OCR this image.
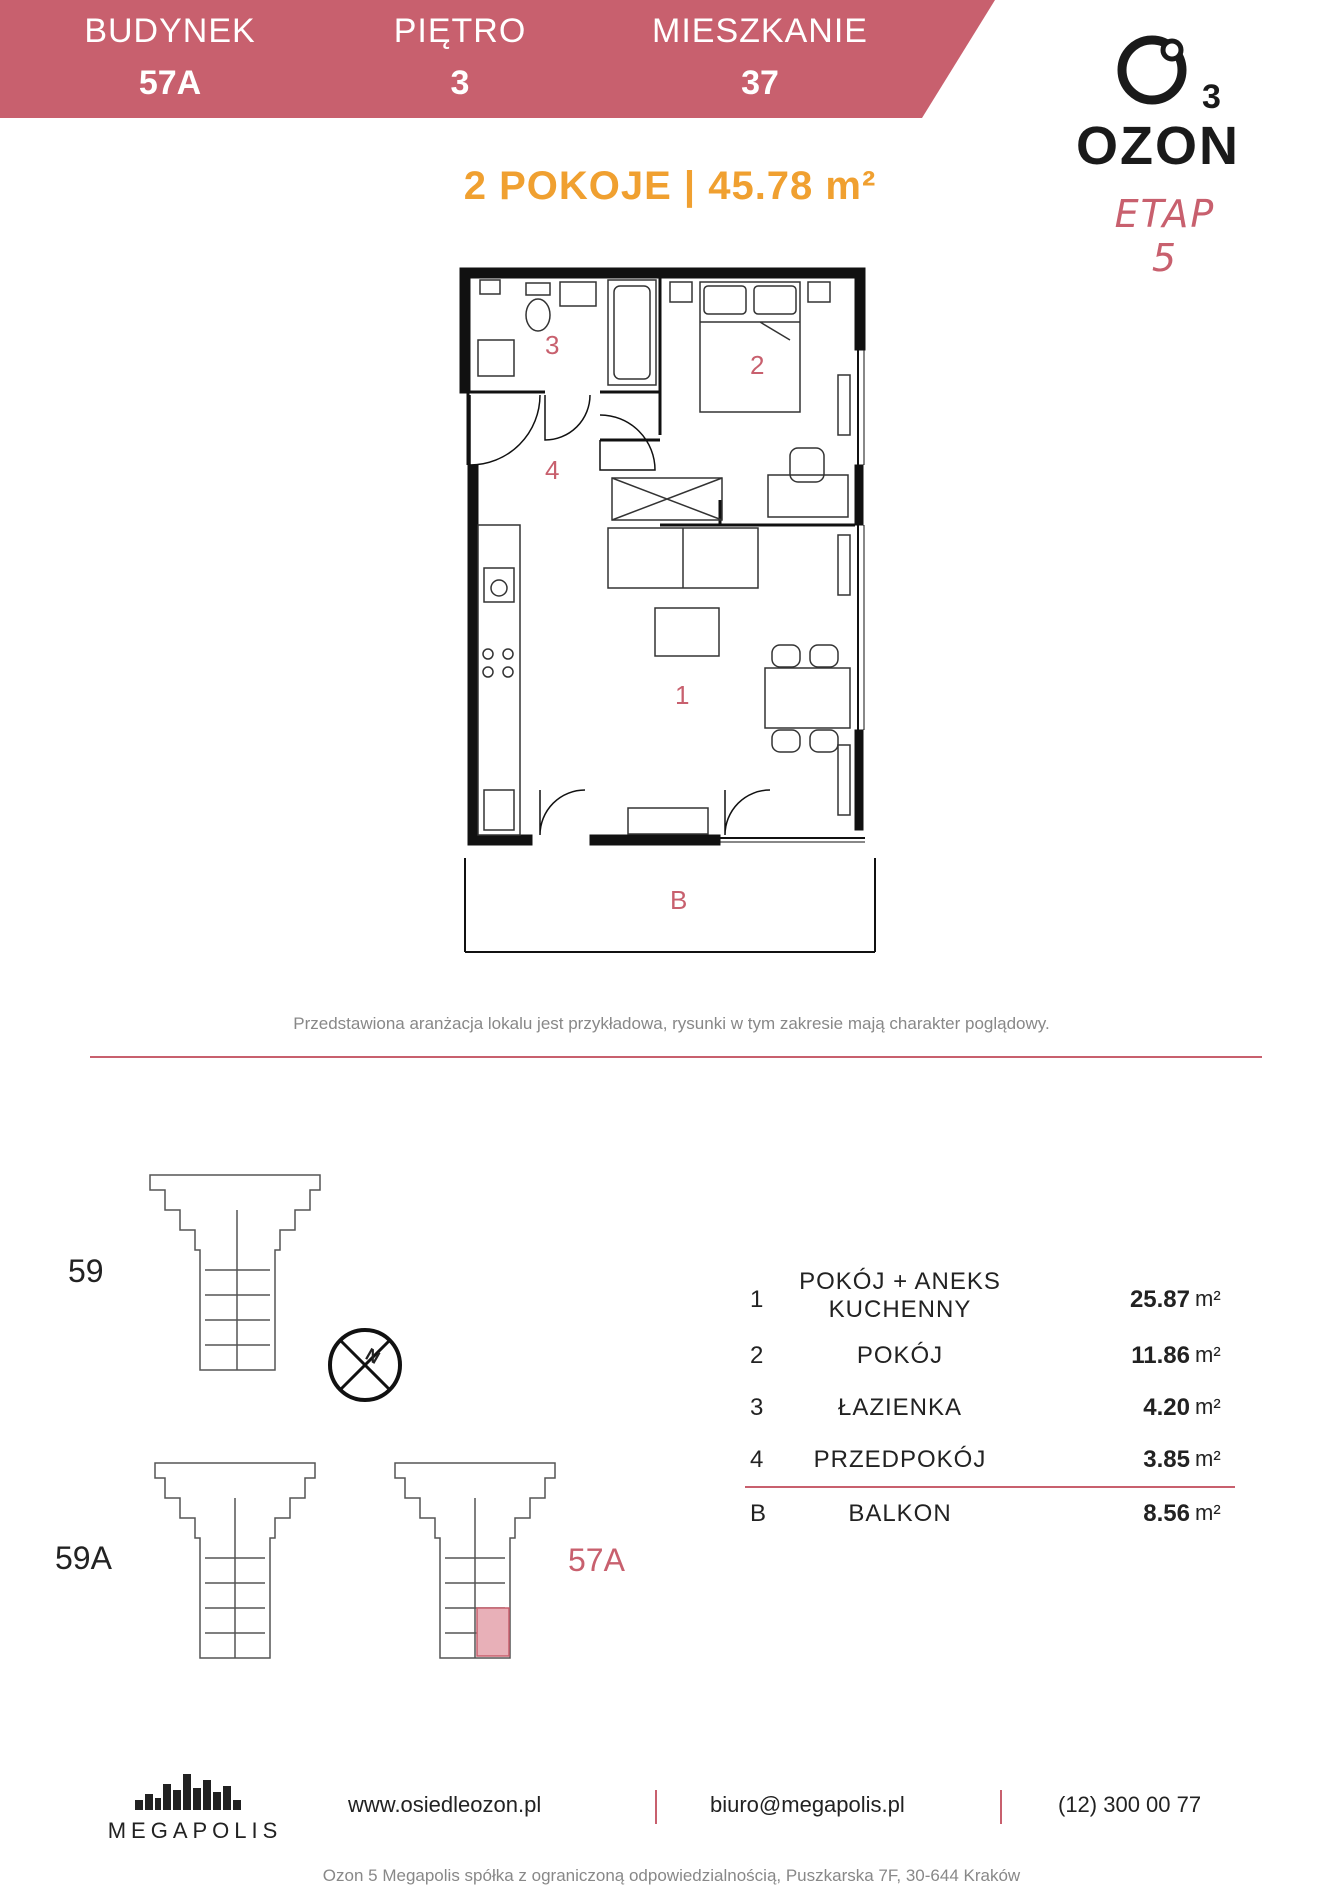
BUDYNEK
57A
PIĘTRO
3
MIESZKANIE
37	3
OZON
ETAP 5
2 POKOJE | 45.78 m²
3
2
4
1
B
Przedstawiona aranżacja lokalu jest przykładowa, rysunki w tym zakresie mają charakter poglądowy.
N
59
59A	57A
1
POKÓJ + ANEKS KUCHENNY	25.87 m²
2	POKÓJ	11.86 m²
3	ŁAZIENKA	4.20 m²
4	PRZEDPOKÓJ	3.85 m²
B	BALKON	8.56 m²
MEGAPOLIS
www.osiedleozon.pl	biuro@megapolis.pl	(12) 300 00 77
Ozon 5 Megapolis spółka z ograniczoną odpowiedzialnością, Puszkarska 7F, 30-644 Kraków
